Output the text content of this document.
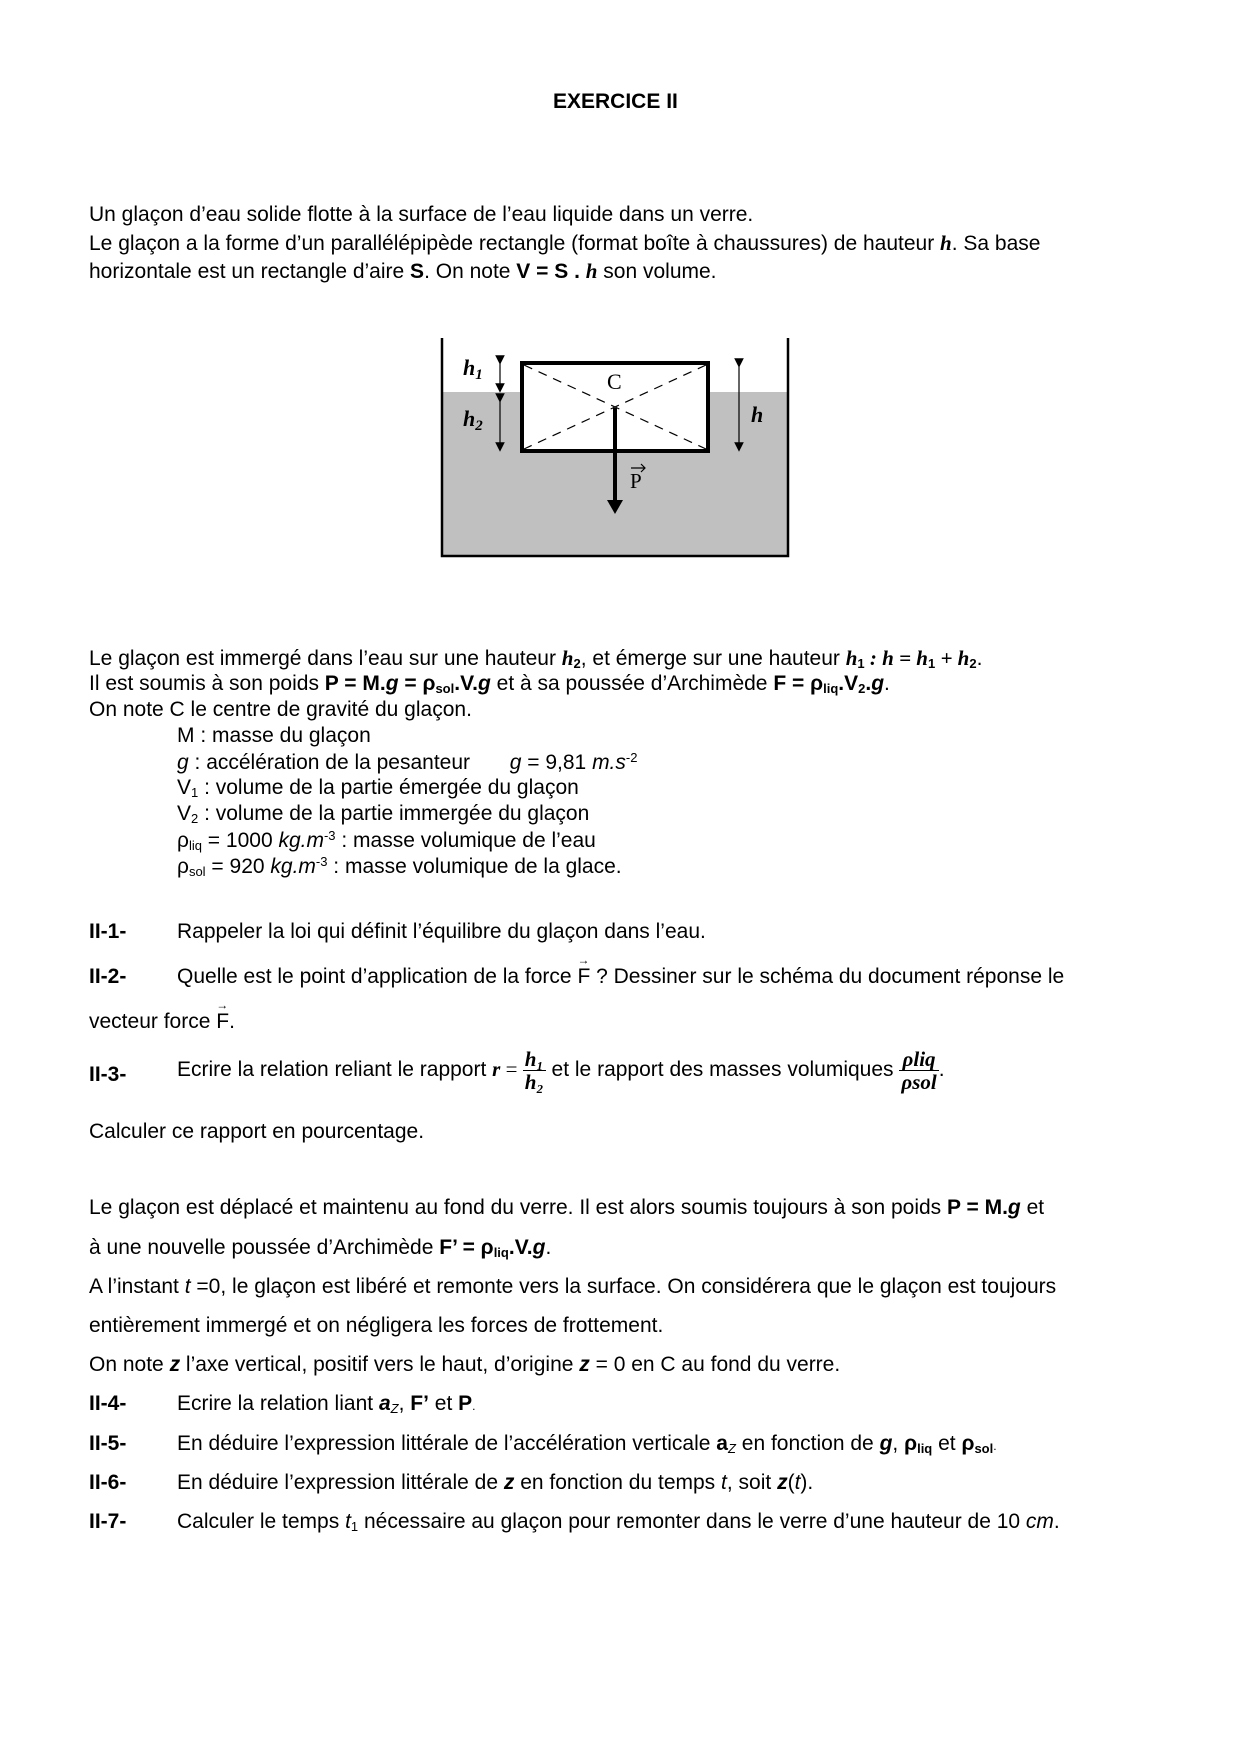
EXERCICE II
Un glaçon d’eau solide flotte à la surface de l’eau liquide dans un verre.
Le glaçon a la forme d’un parallélépipède rectangle (format boîte à chaussures) de hauteur h. Sa base
horizontale est un rectangle d’aire S. On note V = S . h son volume.
h1
h2	h
C
P
Le glaçon est immergé dans l’eau sur une hauteur $h_2$, et émerge sur une hauteur $h_1$ : $h = h_1 + h_2$.
Il est soumis à son poids $P = M.g = \rho_{sol}.V.g$ et à sa poussée d’Archimède $F = \rho_{liq}.V_2.g$.
On note C le centre de gravité du glaçon.
M : masse du glaçon
g : accélération de la pesanteur g = 9,81 $m.s^{-2}$
$V_1$ : volume de la partie émergée du glaçon
$V_2$ : volume de la partie immergée du glaçon
$\rho_{liq} = 1000$ $kg.m^{-3}$ : masse volumique de l’eau
$\rho_{sol} = 920$ $kg.m^{-3}$ : masse volumique de la glace.
II-1- Rappeler la loi qui définit l’équilibre du glaçon dans l’eau.
II-2- Quelle est le point d’application de la force → F ? Dessiner sur le schéma du document réponse le
vecteur force → F.
II-3- Ecrire la relation reliant le rapport $r = \frac{\text{h₁}}{\text{h₂}}$ et le rapport des masses volumiques $\frac{\text{ρliq}}{\text{ρsol}}$ .
Calculer ce rapport en pourcentage.
Le glaçon est déplacé et maintenu au fond du verre. Il est alors soumis toujours à son poids P = M.g et
à une nouvelle poussée d’Archimède F’ = $\rho_{liq}.V.g$.
A l’instant t =0, le glaçon est libéré et remonte vers la surface. On considérera que le glaçon est toujours
entièrement immergé et on négligera les forces de frottement.
On note z l’axe vertical, positif vers le haut, d’origine z = 0 en C au fond du verre.
II-4- Ecrire la relation liant $a_Z$, F’ et P.
II-5- En déduire l’expression littérale de l’accélération verticale $a_Z$ en fonction de g, $\rho_{liq}$ et $\rho_{sol}$.
II-6- En déduire l’expression littérale de z en fonction du temps t, soit z(t).
II-7- Calculer le temps $t_1$ nécessaire au glaçon pour remonter dans le verre d’une hauteur de 10 cm.
